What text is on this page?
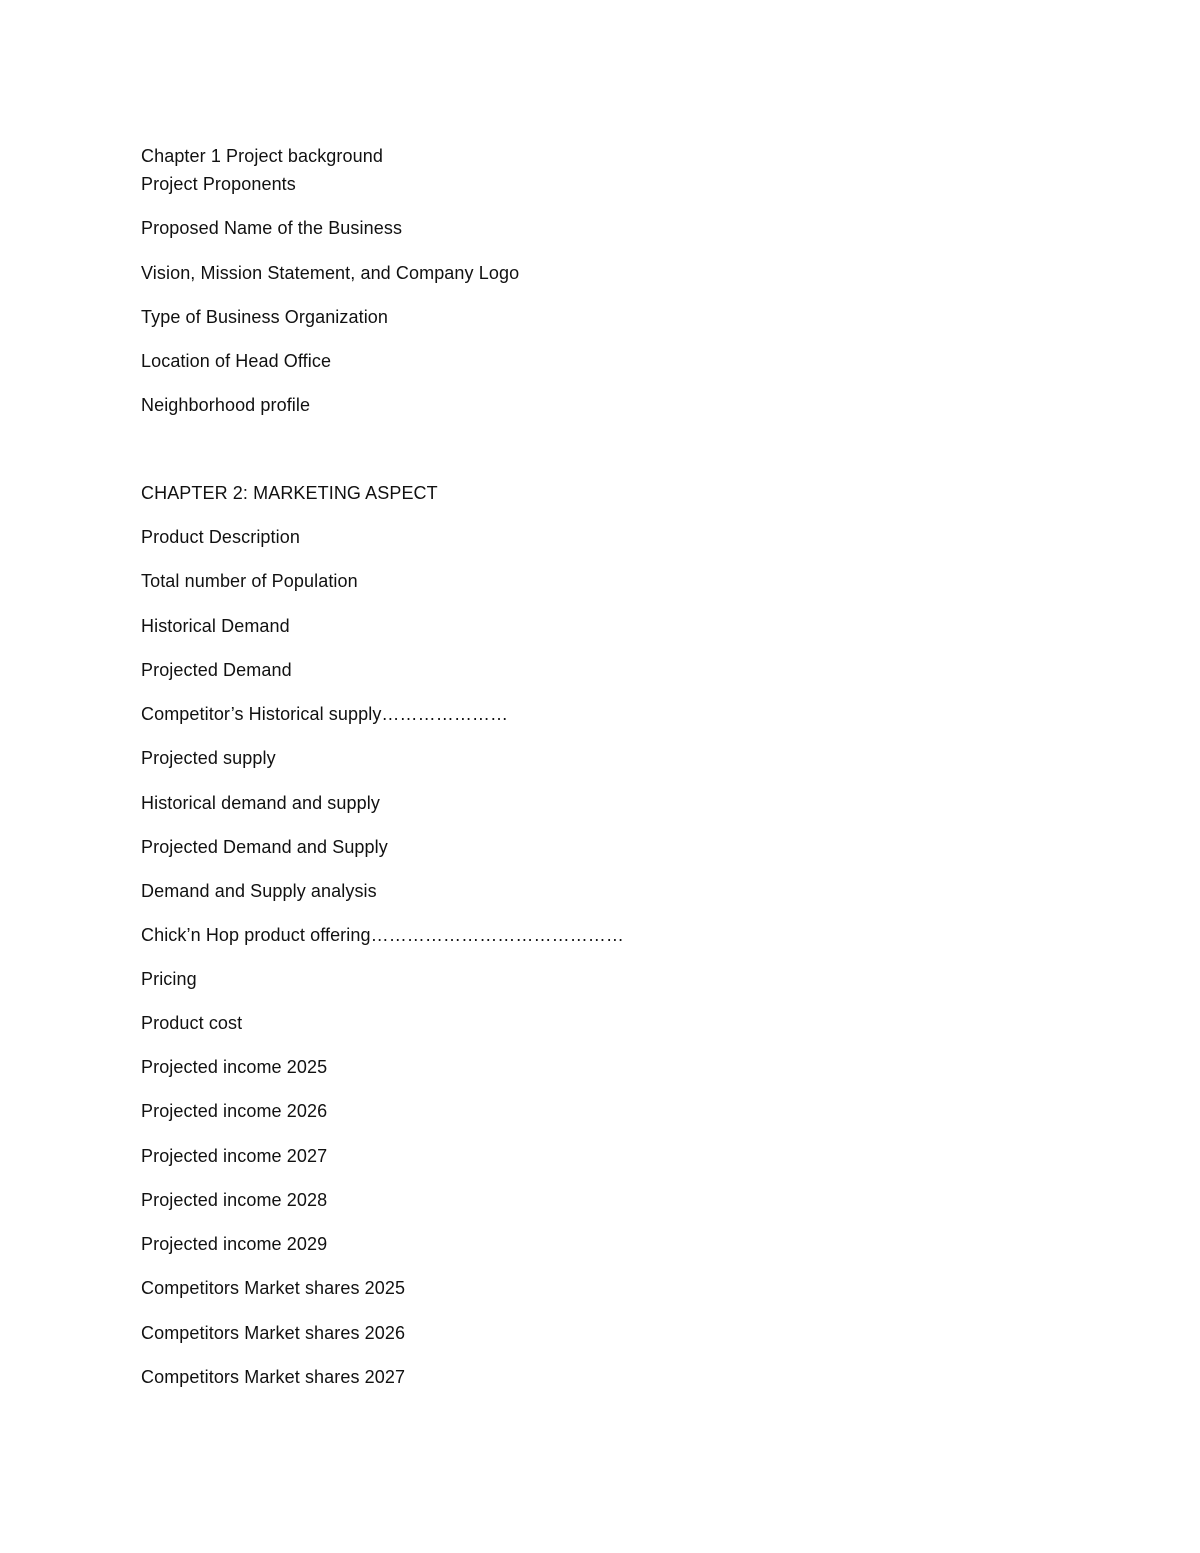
Chapter 1 Project background
Project Proponents
Proposed Name of the Business
Vision, Mission Statement, and Company Logo
Type of Business Organization
Location of Head Office
Neighborhood profile
CHAPTER 2: MARKETING ASPECT
Product Description
Total number of Population
Historical Demand
Projected Demand
Competitor’s Historical supply…………………
Projected supply
Historical demand and supply
Projected Demand and Supply
Demand and Supply analysis
Chick’n Hop product offering……………………………………
Pricing
Product cost
Projected income 2025
Projected income 2026
Projected income 2027
Projected income 2028
Projected income 2029
Competitors Market shares 2025
Competitors Market shares 2026
Competitors Market shares 2027
